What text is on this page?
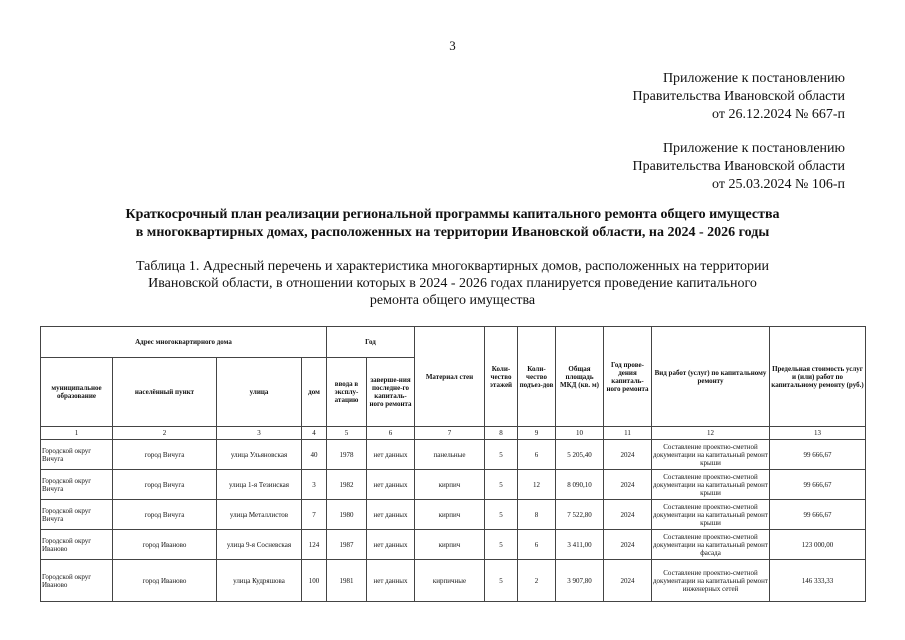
3
Приложение к постановлению
Правительства Ивановской области
от 26.12.2024 № 667-п
Приложение к постановлению
Правительства Ивановской области
от 25.03.2024 № 106-п
Краткосрочный план реализации региональной программы капитального ремонта общего имущества
в многоквартирных домах, расположенных на территории Ивановской области, на 2024 - 2026 годы
Таблица 1. Адресный перечень и характеристика многоквартирных домов, расположенных на территории
Ивановской области, в отношении которых в 2024 - 2026 годах планируется проведение капитального
ремонта общего имущества
Адрес многоквартирного дома				Год		Материал стен	Коли-чество этажей	Коли-чество подъез-дов	Общая площадь МКД (кв. м)	Год прове-дения капиталь-ного ремонта	Вид работ (услуг) по капитальному ремонту	Предельная стоимость услуг и (или) работ по капитальному ремонту (руб.)
муниципальное образование	населённый пункт	улица	дом	ввода в эксплу-атацию	заверше-ния последне-го капиталь-ного ремонта							
1	2	3	4	5	6	7	8	9	10	11	12	13
Городской округ Вичуга	город Вичуга	улица Ульяновская	40	1978	нет данных	панельные	5	6	5 205,40	2024	Составление проектно-сметной документации на капитальный ремонт крыши	99 666,67
Городской округ Вичуга	город Вичуга	улица 1-я Тезинская	3	1982	нет данных	кирпич	5	12	8 090,10	2024	Составление проектно-сметной документации на капитальный ремонт крыши	99 666,67
Городской округ Вичуга	город Вичуга	улица Металлистов	7	1980	нет данных	кирпич	5	8	7 522,80	2024	Составление проектно-сметной документации на капитальный ремонт крыши	99 666,67
Городской округ Иваново	город Иваново	улица 9-я Сосневская	124	1987	нет данных	кирпич	5	6	3 411,00	2024	Составление проектно-сметной документации на капитальный ремонт фасада	123 000,00
Городской округ Иваново	город Иваново	улица Кудряшова	100	1981	нет данных	кирпичные	5	2	3 907,80	2024	Составление проектно-сметной документации на капитальный ремонт инженерных сетей	146 333,33
